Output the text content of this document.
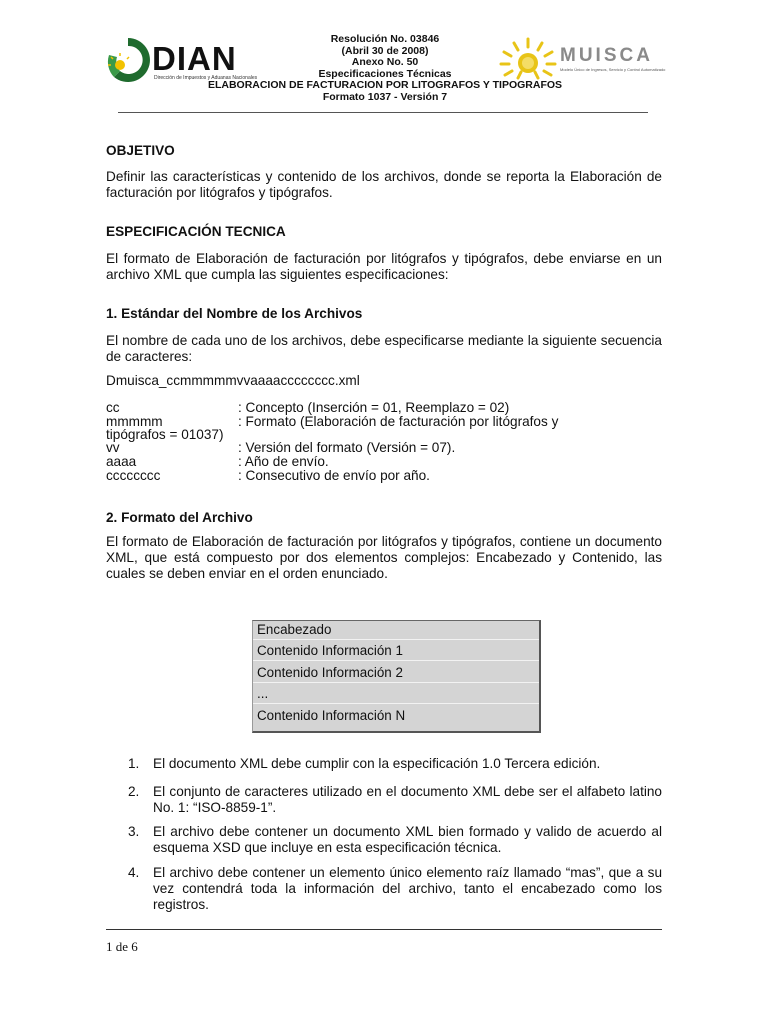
DIAN
Dirección de Impuestos y Aduanas Nacionales
Resolución No. 03846
(Abril 30 de 2008)
Anexo No. 50
Especificaciones Técnicas
ELABORACION DE FACTURACION POR LITOGRAFOS Y TIPOGRAFOS
Formato 1037 - Versión 7
MUISCA
Modelo Único de Ingresos, Servicio y Control Automatizado
OBJETIVO
Definir las características y contenido de los archivos, donde se reporta la Elaboración de facturación por litógrafos y tipógrafos.
ESPECIFICACIÓN TECNICA
El formato de Elaboración de facturación por litógrafos y tipógrafos, debe enviarse en un archivo XML que cumpla las siguientes especificaciones:
1. Estándar del Nombre de los Archivos
El nombre de cada uno de los archivos, debe especificarse mediante la siguiente secuencia de caracteres:
Dmuisca_ccmmmmmvvaaaacccccccc.xml
cc	: Concepto (Inserción = 01, Reemplazo = 02)
mmmmm	: Formato (Elaboración de facturación por litógrafos y
tipógrafos = 01037)
vv	: Versión del formato (Versión = 07).
aaaa	: Año de envío.
cccccccc	: Consecutivo de envío por año.
2. Formato del Archivo
El formato de Elaboración de facturación por litógrafos y tipógrafos, contiene un documento XML, que está compuesto por dos elementos complejos: Encabezado y Contenido, las cuales se deben enviar en el orden enunciado.
Encabezado
Contenido Información 1
Contenido Información 2
...
Contenido Información N
1.	El documento XML debe cumplir con la especificación 1.0 Tercera edición.
2.	El conjunto de caracteres utilizado en el documento XML debe ser el alfabeto latino No. 1: “ISO-8859-1”.
3.	El archivo debe contener un documento XML bien formado y valido de acuerdo al esquema XSD que incluye en esta especificación técnica.
4.	El archivo debe contener un elemento único elemento raíz llamado “mas”, que a su vez contendrá toda la información del archivo, tanto el encabezado como los registros.
1 de 6
